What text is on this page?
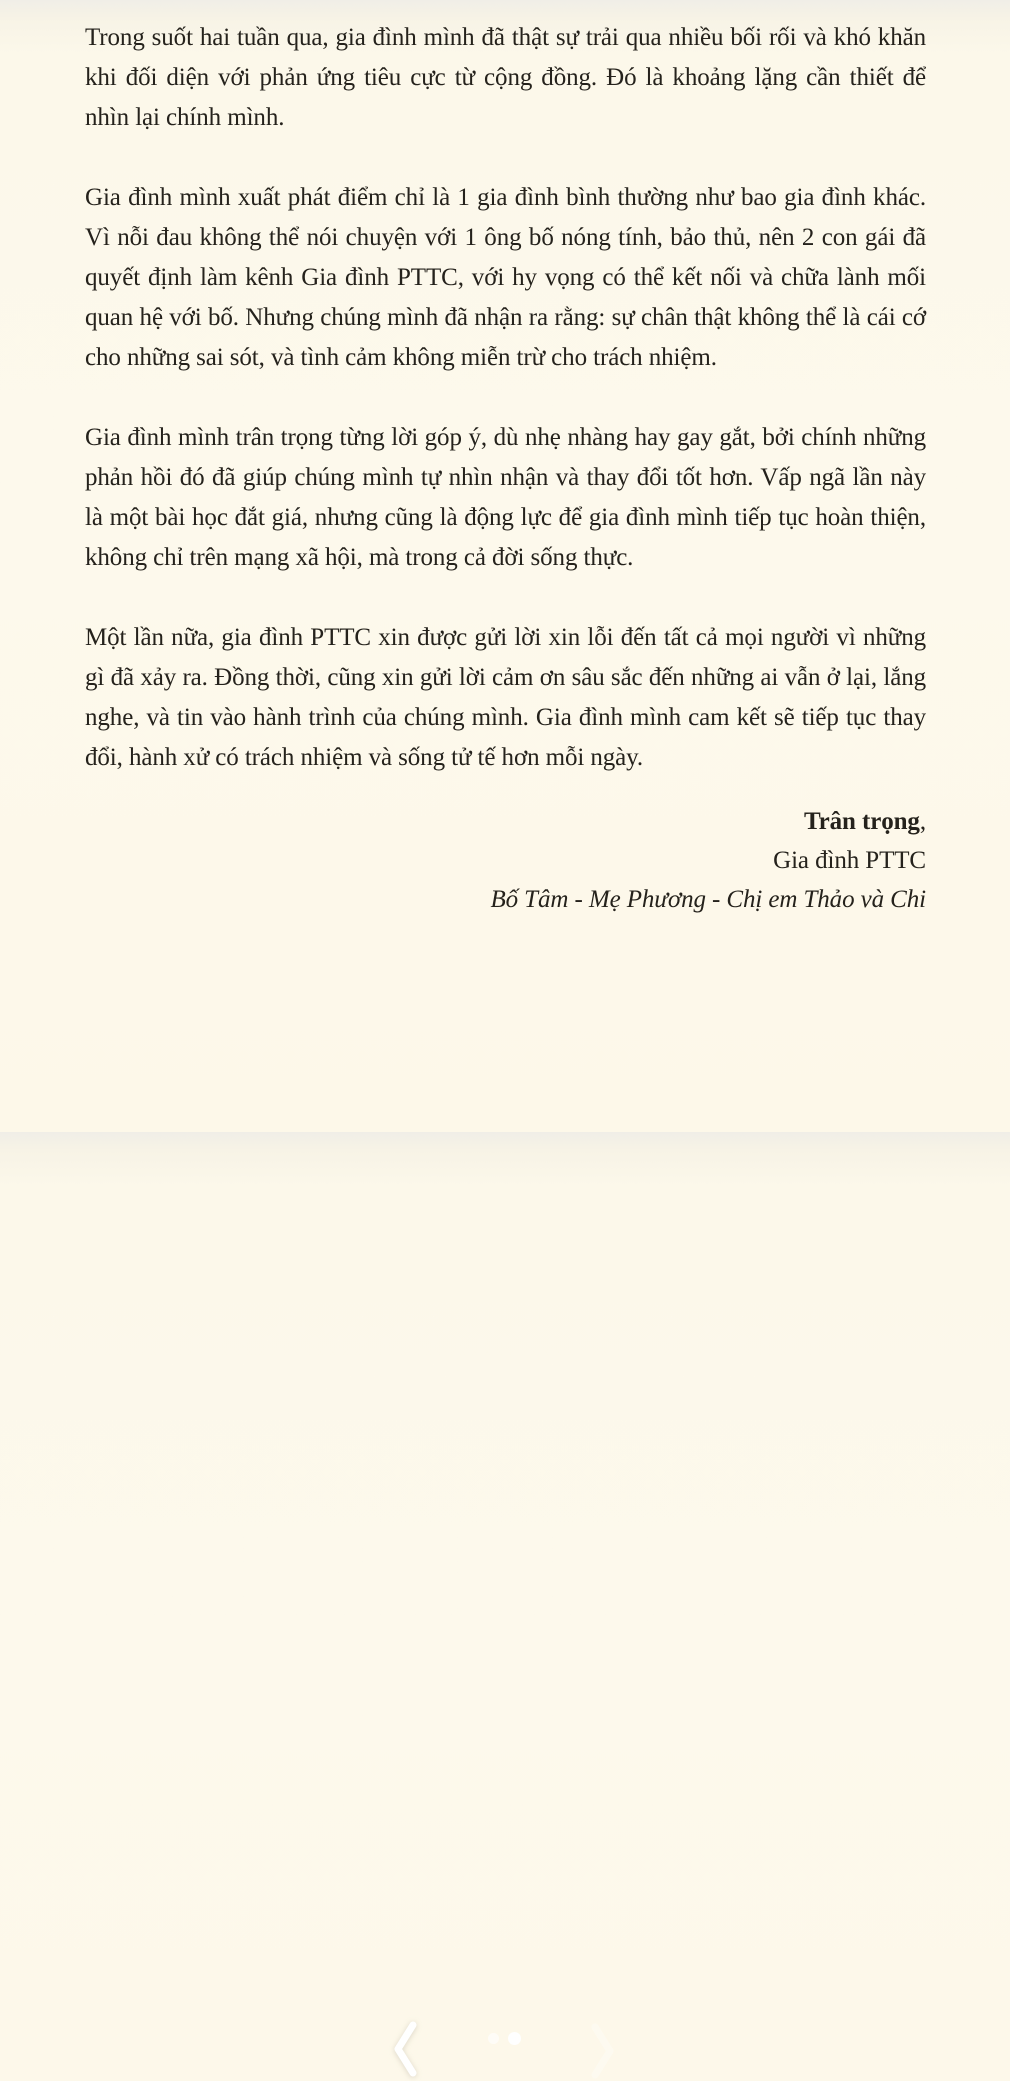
Trong suốt hai tuần qua, gia đình mình đã thật sự trải qua nhiều bối rối và khó khăn khi đối diện với phản ứng tiêu cực từ cộng đồng. Đó là khoảng lặng cần thiết để nhìn lại chính mình.

Gia đình mình xuất phát điểm chỉ là 1 gia đình bình thường như bao gia đình khác. Vì nỗi đau không thể nói chuyện với 1 ông bố nóng tính, bảo thủ, nên 2 con gái đã quyết định làm kênh Gia đình PTTC, với hy vọng có thể kết nối và chữa lành mối quan hệ với bố. Nhưng chúng mình đã nhận ra rằng: sự chân thật không thể là cái cớ cho những sai sót, và tình cảm không miễn trừ cho trách nhiệm.

Gia đình mình trân trọng từng lời góp ý, dù nhẹ nhàng hay gay gắt, bởi chính những phản hồi đó đã giúp chúng mình tự nhìn nhận và thay đổi tốt hơn. Vấp ngã lần này là một bài học đắt giá, nhưng cũng là động lực để gia đình mình tiếp tục hoàn thiện, không chỉ trên mạng xã hội, mà trong cả đời sống thực.

Một lần nữa, gia đình PTTC xin được gửi lời xin lỗi đến tất cả mọi người vì những gì đã xảy ra. Đồng thời, cũng xin gửi lời cảm ơn sâu sắc đến những ai vẫn ở lại, lắng nghe, và tin vào hành trình của chúng mình. Gia đình mình cam kết sẽ tiếp tục thay đổi, hành xử có trách nhiệm và sống tử tế hơn mỗi ngày.

Trân trọng,
Gia đình PTTC
Bố Tâm - Mẹ Phương - Chị em Thảo và Chi
